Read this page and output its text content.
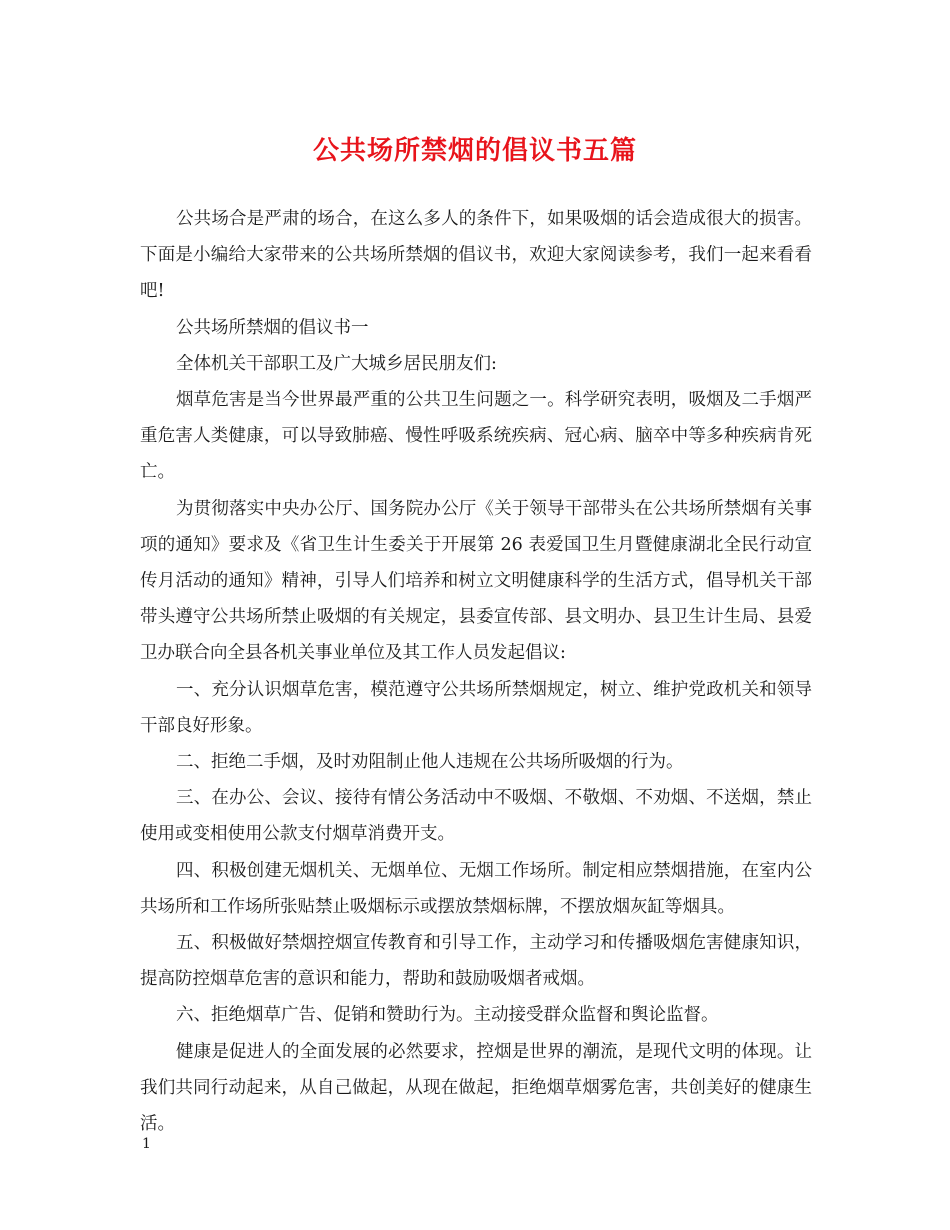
公共场所禁烟的倡议书五篇

公共场合是严肃的场合，在这么多人的条件下，如果吸烟的话会造成很大的损害。下面是小编给大家带来的公共场所禁烟的倡议书，欢迎大家阅读参考，我们一起来看看吧!

公共场所禁烟的倡议书一

全体机关干部职工及广大城乡居民朋友们:

烟草危害是当今世界最严重的公共卫生问题之一。科学研究表明，吸烟及二手烟严重危害人类健康，可以导致肺癌、慢性呼吸系统疾病、冠心病、脑卒中等多种疾病肯死亡。

为贯彻落实中央办公厅、国务院办公厅《关于领导干部带头在公共场所禁烟有关事项的通知》要求及《省卫生计生委关于开展第 26 表爱国卫生月暨健康湖北全民行动宣传月活动的通知》精神，引导人们培养和树立文明健康科学的生活方式，倡导机关干部带头遵守公共场所禁止吸烟的有关规定，县委宣传部、县文明办、县卫生计生局、县爱卫办联合向全县各机关事业单位及其工作人员发起倡议:

一、充分认识烟草危害，模范遵守公共场所禁烟规定，树立、维护党政机关和领导干部良好形象。

二、拒绝二手烟，及时劝阻制止他人违规在公共场所吸烟的行为。

三、在办公、会议、接待有情公务活动中不吸烟、不敬烟、不劝烟、不送烟，禁止使用或变相使用公款支付烟草消费开支。

四、积极创建无烟机关、无烟单位、无烟工作场所。制定相应禁烟措施，在室内公共场所和工作场所张贴禁止吸烟标示或摆放禁烟标牌，不摆放烟灰缸等烟具。

五、积极做好禁烟控烟宣传教育和引导工作，主动学习和传播吸烟危害健康知识，提高防控烟草危害的意识和能力，帮助和鼓励吸烟者戒烟。

六、拒绝烟草广告、促销和赞助行为。主动接受群众监督和舆论监督。

健康是促进人的全面发展的必然要求，控烟是世界的潮流，是现代文明的体现。让我们共同行动起来，从自己做起，从现在做起，拒绝烟草烟雾危害，共创美好的健康生活。

1
